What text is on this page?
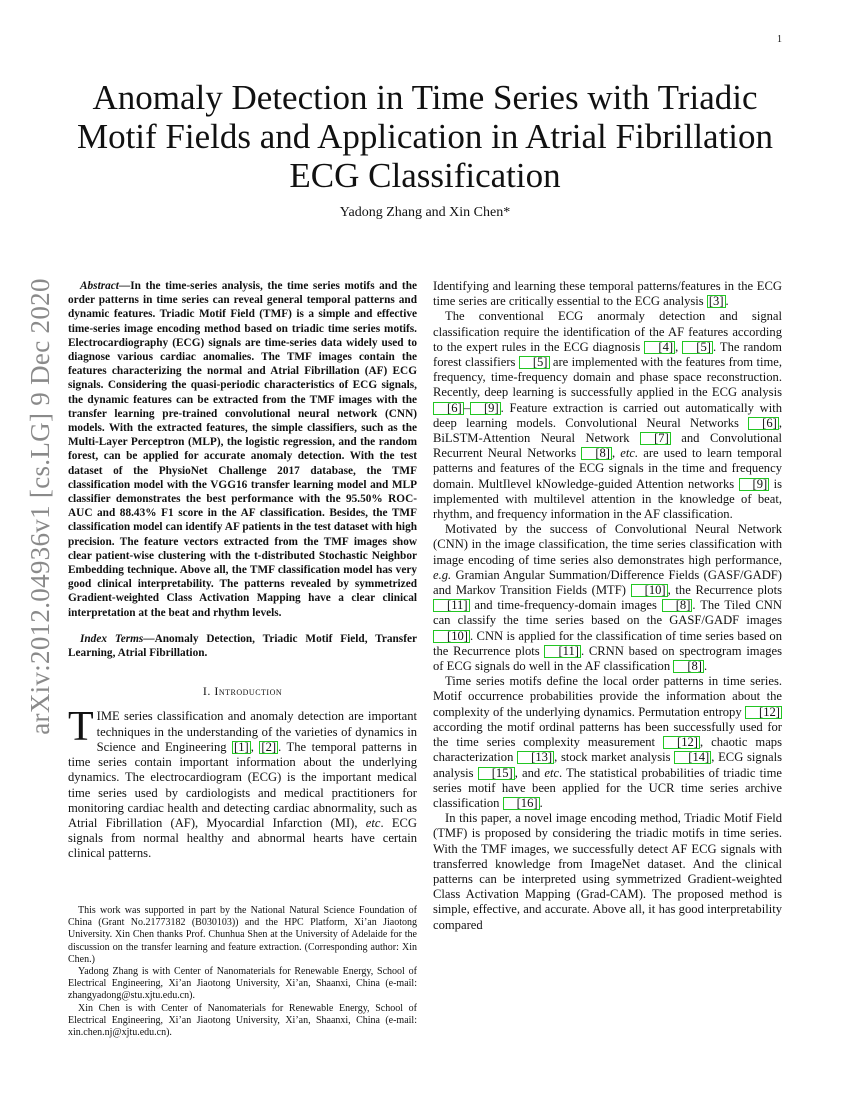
1
arXiv:2012.04936v1 [cs.LG] 9 Dec 2020
Anomaly Detection in Time Series with Triadic Motif Fields and Application in Atrial Fibrillation ECG Classification
Yadong Zhang and Xin Chen*

Abstract—In the time-series analysis, the time series motifs and the order patterns in time series can reveal general temporal patterns and dynamic features. Triadic Motif Field (TMF) is a simple and effective time-series image encoding method based on triadic time series motifs. Electrocardiography (ECG) signals are time-series data widely used to diagnose various cardiac anomalies. The TMF images contain the features characterizing the normal and Atrial Fibrillation (AF) ECG signals. Considering the quasi-periodic characteristics of ECG signals, the dynamic features can be extracted from the TMF images with the transfer learning pre-trained convolutional neural network (CNN) models. With the extracted features, the simple classifiers, such as the Multi-Layer Perceptron (MLP), the logistic regression, and the random forest, can be applied for accurate anomaly detection. With the test dataset of the PhysioNet Challenge 2017 database, the TMF classification model with the VGG16 transfer learning model and MLP classifier demonstrates the best performance with the 95.50% ROC-AUC and 88.43% F1 score in the AF classification. Besides, the TMF classification model can identify AF patients in the test dataset with high precision. The feature vectors extracted from the TMF images show clear patient-wise clustering with the t-distributed Stochastic Neighbor Embedding technique. Above all, the TMF classification model has very good clinical interpretability. The patterns revealed by symmetrized Gradient-weighted Class Activation Mapping have a clear clinical interpretation at the beat and rhythm levels.

Index Terms—Anomaly Detection, Triadic Motif Field, Transfer Learning, Atrial Fibrillation.

I. Introduction

TIME series classification and anomaly detection are important techniques in the understanding of the varieties of dynamics in Science and Engineering [1] , [2] . The temporal patterns in time series contain important information about the underlying dynamics. The electrocardiogram (ECG) is the important medical time series used by cardiologists and medical practitioners for monitoring cardiac health and detecting cardiac abnormality, such as Atrial Fibrillation (AF), Myocardial Infarction (MI), etc. ECG signals from normal healthy and abnormal hearts have certain clinical patterns.

This work was supported in part by the National Natural Science Foundation of China (Grant No.21773182 (B030103)) and the HPC Platform, Xi’an Jiaotong University. Xin Chen thanks Prof. Chunhua Shen at the University of Adelaide for the discussion on the transfer learning and feature extraction. (Corresponding author: Xin Chen.)

Yadong Zhang is with Center of Nanomaterials for Renewable Energy, School of Electrical Engineering, Xi’an Jiaotong University, Xi’an, Shaanxi, China (e-mail: zhangyadong@stu.xjtu.edu.cn).

Xin Chen is with Center of Nanomaterials for Renewable Energy, School of Electrical Engineering, Xi’an Jiaotong University, Xi’an, Shaanxi, China (e-mail: xin.chen.nj@xjtu.edu.cn).

Identifying and learning these temporal patterns/features in the ECG time series are critically essential to the ECG analysis [3] .

The conventional ECG anormaly detection and signal classification require the identification of the AF features according to the expert rules in the ECG diagnosis [4] , [5] . The random forest classifiers [5] are implemented with the features from time, frequency, time-frequency domain and phase space reconstruction. Recently, deep learning is successfully applied in the ECG analysis [6] – [9] . Feature extraction is carried out automatically with deep learning models. Convolutional Neural Networks [6] , BiLSTM-Attention Neural Network [7] and Convolutional Recurrent Neural Networks [8] , etc. are used to learn temporal patterns and features of the ECG signals in the time and frequency domain. MultIlevel kNowledge-guided Attention networks [9] is implemented with multilevel attention in the knowledge of beat, rhythm, and frequency information in the AF classification.

Motivated by the success of Convolutional Neural Network (CNN) in the image classification, the time series classification with image encoding of time series also demonstrates high performance, e.g. Gramian Angular Summation/Difference Fields (GASF/GADF) and Markov Transition Fields (MTF) [10] , the Recurrence plots [11] and time-frequency-domain images [8] . The Tiled CNN can classify the time series based on the GASF/GADF images [10] . CNN is applied for the classification of time series based on the Recurrence plots [11] . CRNN based on spectrogram images of ECG signals do well in the AF classification [8] .

Time series motifs define the local order patterns in time series. Motif occurrence probabilities provide the information about the complexity of the underlying dynamics. Permutation entropy [12] according the motif ordinal patterns has been successfully used for the time series complexity measurement [12] , chaotic maps characterization [13] , stock market analysis [14] , ECG signals analysis [15] , and etc. The statistical probabilities of triadic time series motif have been applied for the UCR time series archive classification [16] .

In this paper, a novel image encoding method, Triadic Motif Field (TMF) is proposed by considering the triadic motifs in time series. With the TMF images, we successfully detect AF ECG signals with transferred knowledge from ImageNet dataset. And the clinical patterns can be interpreted using symmetrized Gradient-weighted Class Activation Mapping (Grad-CAM). The proposed method is simple, effective, and accurate. Above all, it has good interpretability compared
